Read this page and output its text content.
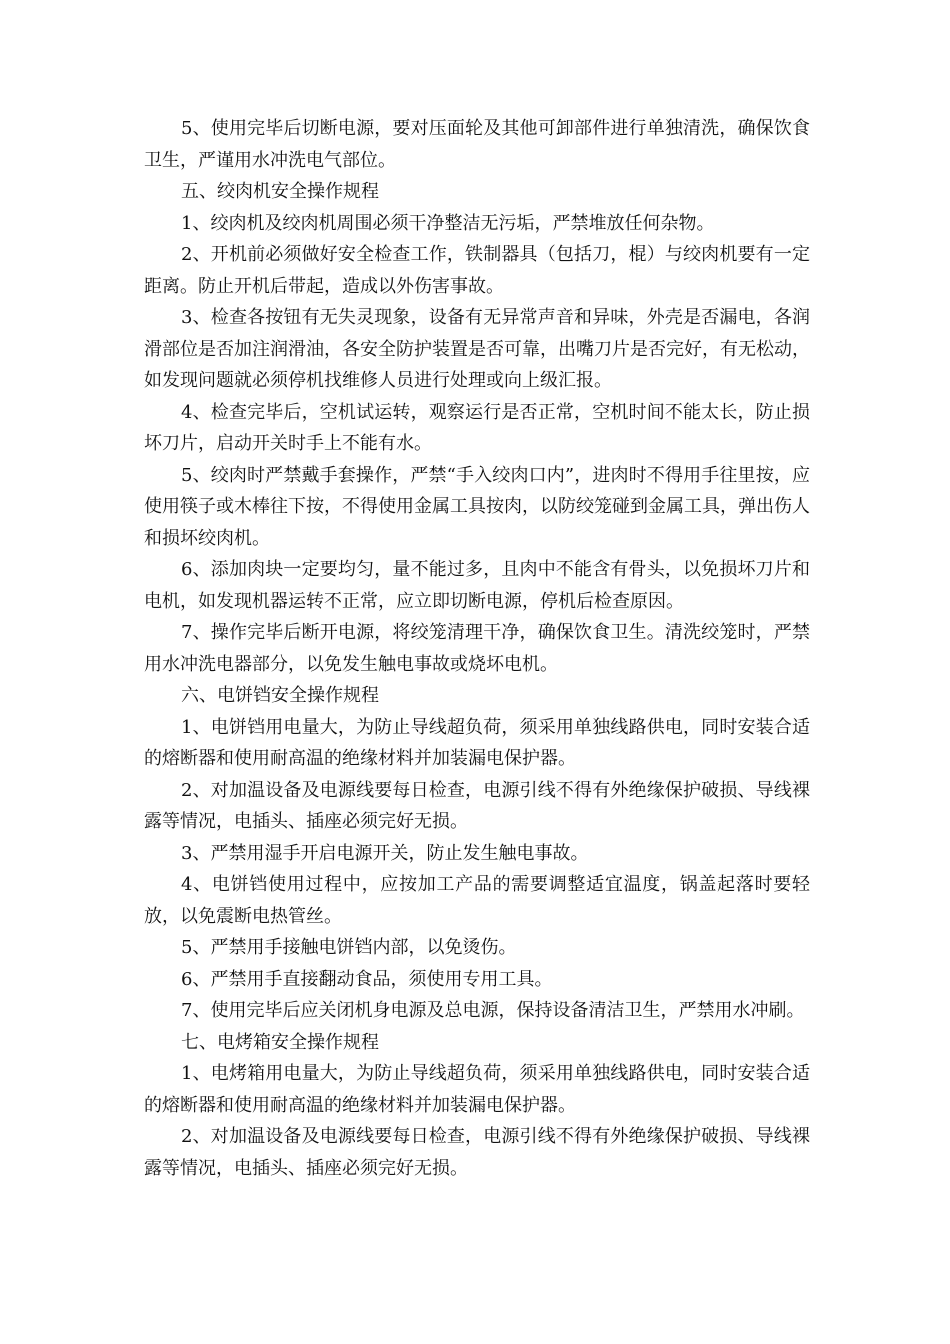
5、使用完毕后切断电源，要对压面轮及其他可卸部件进行单独清洗，确保饮食卫生，严谨用水冲洗电气部位。

五、绞肉机安全操作规程

1、绞肉机及绞肉机周围必须干净整洁无污垢，严禁堆放任何杂物。

2、开机前必须做好安全检查工作，铁制器具（包括刀，棍）与绞肉机要有一定距离。防止开机后带起，造成以外伤害事故。

3、检查各按钮有无失灵现象，设备有无异常声音和异味，外壳是否漏电，各润滑部位是否加注润滑油，各安全防护装置是否可靠，出嘴刀片是否完好，有无松动，如发现问题就必须停机找维修人员进行处理或向上级汇报。

4、检查完毕后，空机试运转，观察运行是否正常，空机时间不能太长，防止损坏刀片，启动开关时手上不能有水。

5、绞肉时严禁戴手套操作，严禁“手入绞肉口内”，进肉时不得用手往里按，应使用筷子或木棒往下按，不得使用金属工具按肉，以防绞笼碰到金属工具，弹出伤人和损坏绞肉机。

6、添加肉块一定要均匀，量不能过多，且肉中不能含有骨头，以免损坏刀片和电机，如发现机器运转不正常，应立即切断电源，停机后检查原因。

7、操作完毕后断开电源，将绞笼清理干净，确保饮食卫生。清洗绞笼时，严禁用水冲洗电器部分，以免发生触电事故或烧坏电机。

六、电饼铛安全操作规程

1、电饼铛用电量大，为防止导线超负荷，须采用单独线路供电，同时安装合适的熔断器和使用耐高温的绝缘材料并加装漏电保护器。

2、对加温设备及电源线要每日检查，电源引线不得有外绝缘保护破损、导线裸露等情况，电插头、插座必须完好无损。

3、严禁用湿手开启电源开关，防止发生触电事故。

4、电饼铛使用过程中，应按加工产品的需要调整适宜温度，锅盖起落时要轻放，以免震断电热管丝。

5、严禁用手接触电饼铛内部，以免烫伤。

6、严禁用手直接翻动食品，须使用专用工具。

7、使用完毕后应关闭机身电源及总电源，保持设备清洁卫生，严禁用水冲刷。

七、电烤箱安全操作规程

1、电烤箱用电量大，为防止导线超负荷，须采用单独线路供电，同时安装合适的熔断器和使用耐高温的绝缘材料并加装漏电保护器。

2、对加温设备及电源线要每日检查，电源引线不得有外绝缘保护破损、导线裸露等情况，电插头、插座必须完好无损。
